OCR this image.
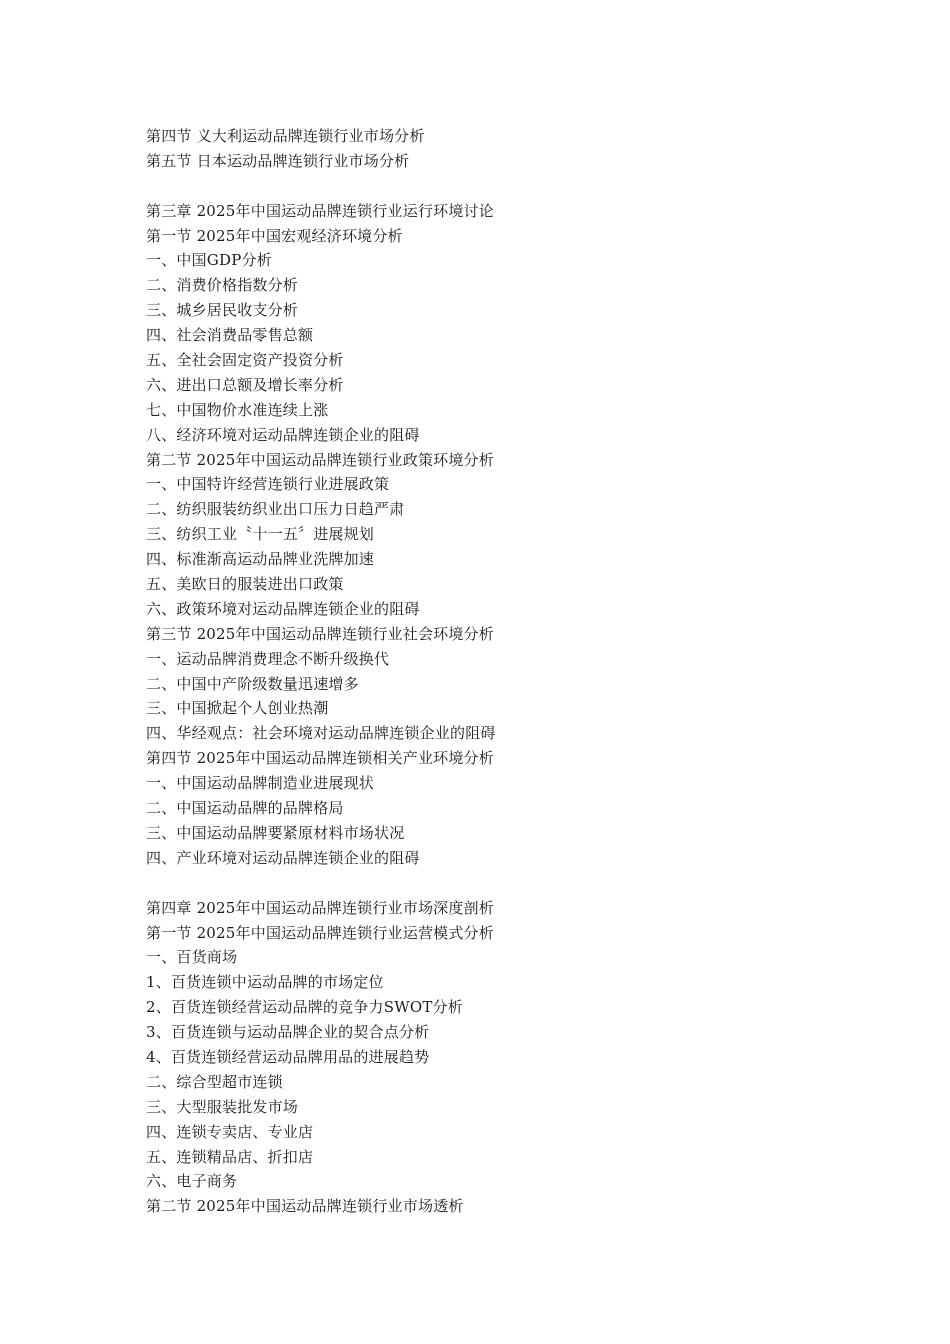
第四节 义大利运动品牌连锁行业市场分析
第五节 日本运动品牌连锁行业市场分析
第三章 2025年中国运动品牌连锁行业运行环境讨论
第一节 2025年中国宏观经济环境分析
一、中国GDP分析
二、消费价格指数分析
三、城乡居民收支分析
四、社会消费品零售总额
五、全社会固定资产投资分析
六、进出口总额及增长率分析
七、中国物价水准连续上涨
八、经济环境对运动品牌连锁企业的阻碍
第二节 2025年中国运动品牌连锁行业政策环境分析
一、中国特许经营连锁行业进展政策
二、纺织服装纺织业出口压力日趋严肃
三、纺织工业〝十一五〞进展规划
四、标准渐高运动品牌业洗牌加速
五、美欧日的服装进出口政策
六、政策环境对运动品牌连锁企业的阻碍
第三节 2025年中国运动品牌连锁行业社会环境分析
一、运动品牌消费理念不断升级换代
二、中国中产阶级数量迅速增多
三、中国掀起个人创业热潮
四、华经观点：社会环境对运动品牌连锁企业的阻碍
第四节 2025年中国运动品牌连锁相关产业环境分析
一、中国运动品牌制造业进展现状
二、中国运动品牌的品牌格局
三、中国运动品牌要紧原材料市场状况
四、产业环境对运动品牌连锁企业的阻碍
第四章 2025年中国运动品牌连锁行业市场深度剖析
第一节 2025年中国运动品牌连锁行业运营模式分析
一、百货商场
1、百货连锁中运动品牌的市场定位
2、百货连锁经营运动品牌的竞争力SWOT分析
3、百货连锁与运动品牌企业的契合点分析
4、百货连锁经营运动品牌用品的进展趋势
二、综合型超市连锁
三、大型服装批发市场
四、连锁专卖店、专业店
五、连锁精品店、折扣店
六、电子商务
第二节 2025年中国运动品牌连锁行业市场透析
